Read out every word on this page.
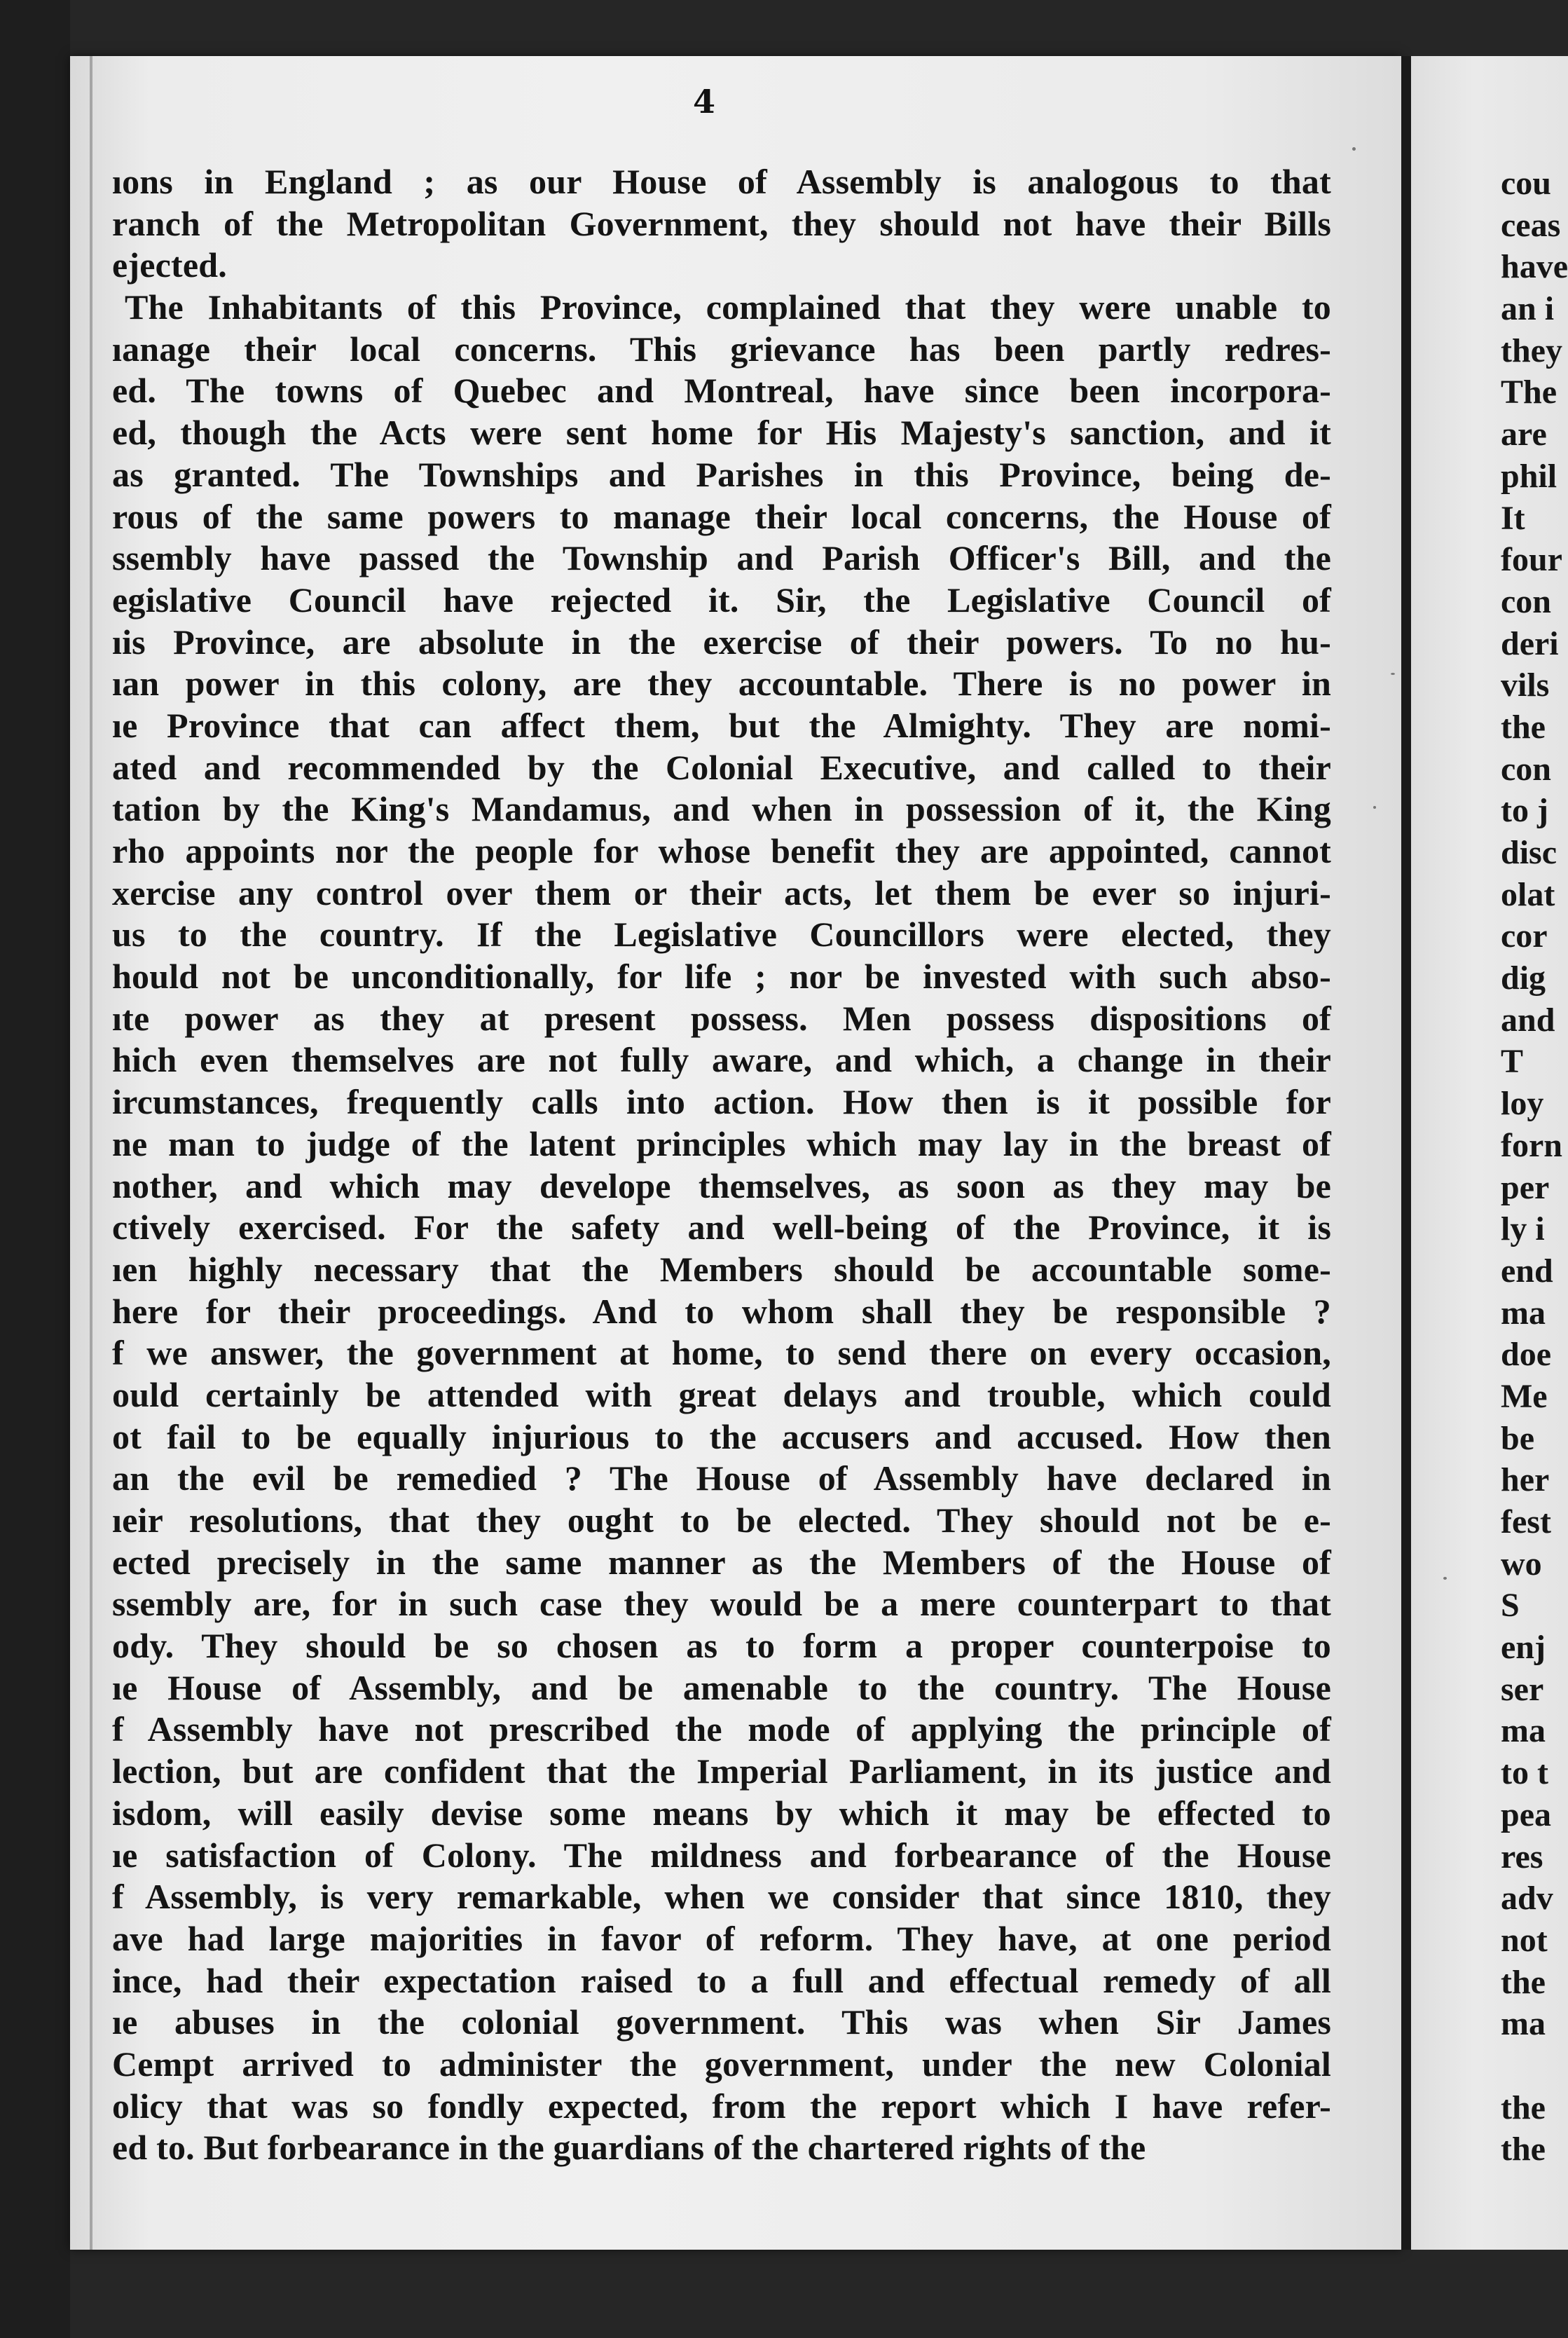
4
ıons in England ; as our House of Assembly is analogous to that
ranch of the Metropolitan Government, they should not have their Bills
ejected.
The Inhabitants of this Province, complained that they were unable to
ıanage their local concerns. This grievance has been partly redres-
ed. The towns of Quebec and Montreal, have since been incorpora-
ed, though the Acts were sent home for His Majesty's sanction, and it
as granted. The Townships and Parishes in this Province, being de-
rous of the same powers to manage their local concerns, the House of
ssembly have passed the Township and Parish Officer's Bill, and the
egislative Council have rejected it. Sir, the Legislative Council of
ıis Province, are absolute in the exercise of their powers. To no hu-
ıan power in this colony, are they accountable. There is no power in
ıe Province that can affect them, but the Almighty. They are nomi-
ated and recommended by the Colonial Executive, and called to their
tation by the King's Mandamus, and when in possession of it, the King
rho appoints nor the people for whose benefit they are appointed, cannot
xercise any control over them or their acts, let them be ever so injuri-
us to the country. If the Legislative Councillors were elected, they
hould not be unconditionally, for life ; nor be invested with such abso-
ıte power as they at present possess. Men possess dispositions of
hich even themselves are not fully aware, and which, a change in their
ircumstances, frequently calls into action. How then is it possible for
ne man to judge of the latent principles which may lay in the breast of
nother, and which may develope themselves, as soon as they may be
ctively exercised. For the safety and well-being of the Province, it is
ıen highly necessary that the Members should be accountable some-
here for their proceedings. And to whom shall they be responsible ?
f we answer, the government at home, to send there on every occasion,
ould certainly be attended with great delays and trouble, which could
ot fail to be equally injurious to the accusers and accused. How then
an the evil be remedied ? The House of Assembly have declared in
ıeir resolutions, that they ought to be elected. They should not be e-
ected precisely in the same manner as the Members of the House of
ssembly are, for in such case they would be a mere counterpart to that
ody. They should be so chosen as to form a proper counterpoise to
ıe House of Assembly, and be amenable to the country. The House
f Assembly have not prescribed the mode of applying the principle of
lection, but are confident that the Imperial Parliament, in its justice and
isdom, will easily devise some means by which it may be effected to
ıe satisfaction of Colony. The mildness and forbearance of the House
f Assembly, is very remarkable, when we consider that since 1810, they
ave had large majorities in favor of reform. They have, at one period
ince, had their expectation raised to a full and effectual remedy of all
ıe abuses in the colonial government. This was when Sir James
Cempt arrived to administer the government, under the new Colonial
olicy that was so fondly expected, from the report which I have refer-
ed to. But forbearance in the guardians of the chartered rights of the
cou
ceas
have
an i
they
The
are
phil
It
four
con
deri
vils
the
con
to j
disc
olat
cor
dig
and
T
loy
forn
per
ly i
end
ma
doe
Me
be
her
fest
wo
S
enj
ser
ma
to t
pea
res
adv
not
the
ma
the
the
